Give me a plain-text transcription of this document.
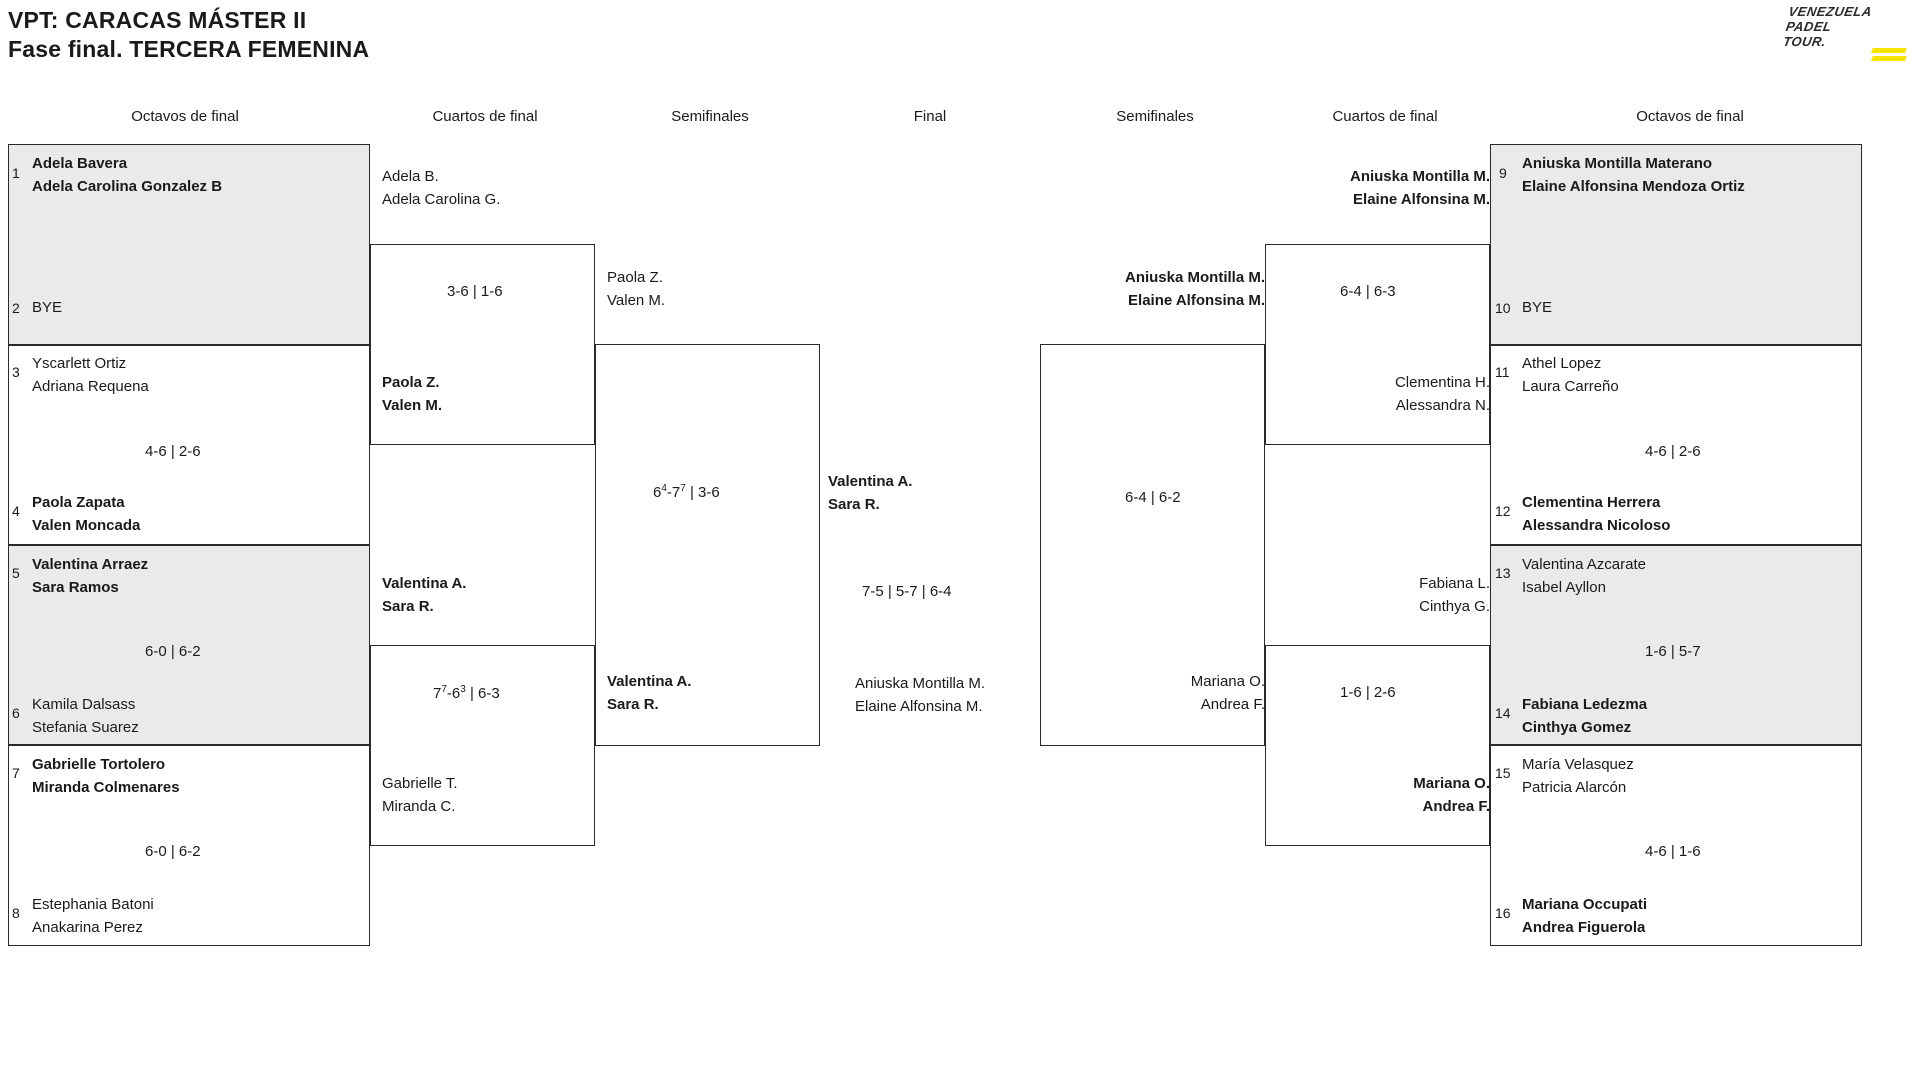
VPT: CARACAS MÁSTER II
Fase final. TERCERA FEMENINA
VENEZUELA
PADEL
TOUR.
Octavos de final	Cuartos de final	Semifinales	Final	Semifinales	Cuartos de final	Octavos de final
1
Adela Bavera
Adela Carolina Gonzalez B
2 BYE
3 Yscarlett Ortiz
Adriana Requena
4-6 | 2-6
4 Paola Zapata
Valen Moncada
5 Valentina Arraez
Sara Ramos
6-0 | 6-2
6 Kamila Dalsass
Stefania Suarez
7 Gabrielle Tortolero
Miranda Colmenares
6-0 | 6-2
8 Estephania Batoni
Anakarina Perez
Adela B.
Adela Carolina G.
3-6 | 1-6
Paola Z.
Valen M.
Valentina A.
Sara R.
$7^7-6^3$ | 6-3
Gabrielle T.
Miranda C.
Paola Z.
Valen M.
$6^4-7^7$ | 3-6
Valentina A.
Sara R.
Valentina A.
Sara R.
7-5 | 5-7 | 6-4
Aniuska Montilla M.
Elaine Alfonsina M.
Aniuska Montilla M.
Elaine Alfonsina M.
6-4 | 6-2
Mariana O.
Andrea F.
Aniuska Montilla M.
Elaine Alfonsina M.
6-4 | 6-3
Clementina H.
Alessandra N.
Fabiana L.
Cinthya G.
1-6 | 2-6
Mariana O.
Andrea F.
9
Aniuska Montilla Materano
Elaine Alfonsina Mendoza Ortiz
10 BYE
11 Athel Lopez
Laura Carreño
4-6 | 2-6
12 Clementina Herrera
Alessandra Nicoloso
13 Valentina Azcarate
Isabel Ayllon
1-6 | 5-7
14 Fabiana Ledezma
Cinthya Gomez
15 María Velasquez
Patricia Alarcón
4-6 | 1-6
16 Mariana Occupati
Andrea Figuerola
